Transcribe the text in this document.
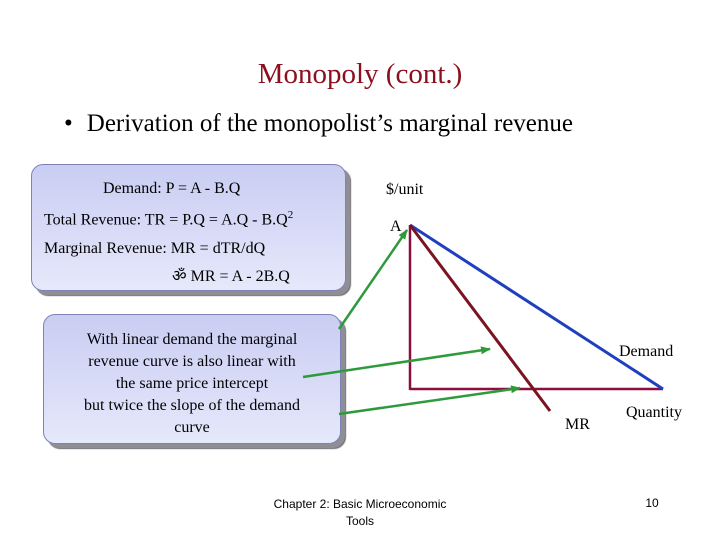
Monopoly (cont.)
• Derivation of the monopolist’s marginal revenue
Demand: P = A - B.Q
Total Revenue: TR = $P.Q = A.Q - B.Q^2$
Marginal Revenue: MR = dTR/dQ
ॐ MR = A - 2B.Q
With linear demand the marginal
revenue curve is also linear with
the same price intercept
but twice the slope of the demand
curve
$/unit
A
Demand
MR
Quantity
Chapter 2: Basic Microeconomic
Tools
10
